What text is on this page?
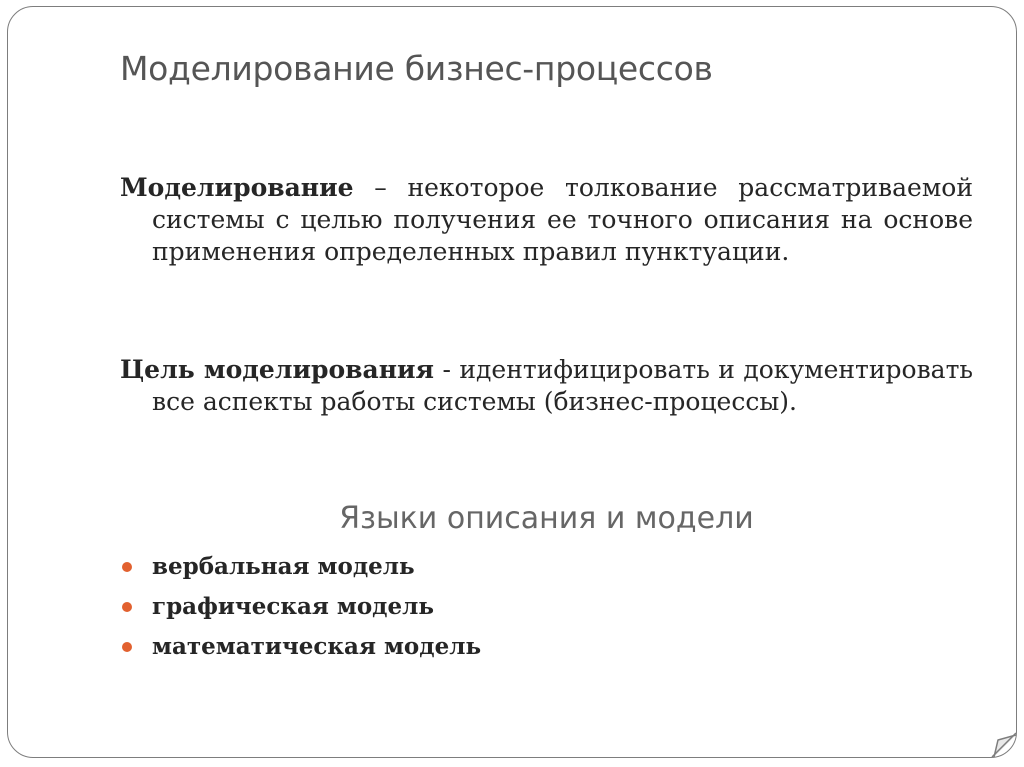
Моделирование бизнес-процессов

Моделирование – некоторое толкование рассматриваемой системы с целью получения ее точного описания на основе применения определенных правил пунктуации.

Цель моделирования - идентифицировать и документировать все аспекты работы системы (бизнес-процессы).

Языки описания и модели
вербальная модель
графическая модель
математическая модель
